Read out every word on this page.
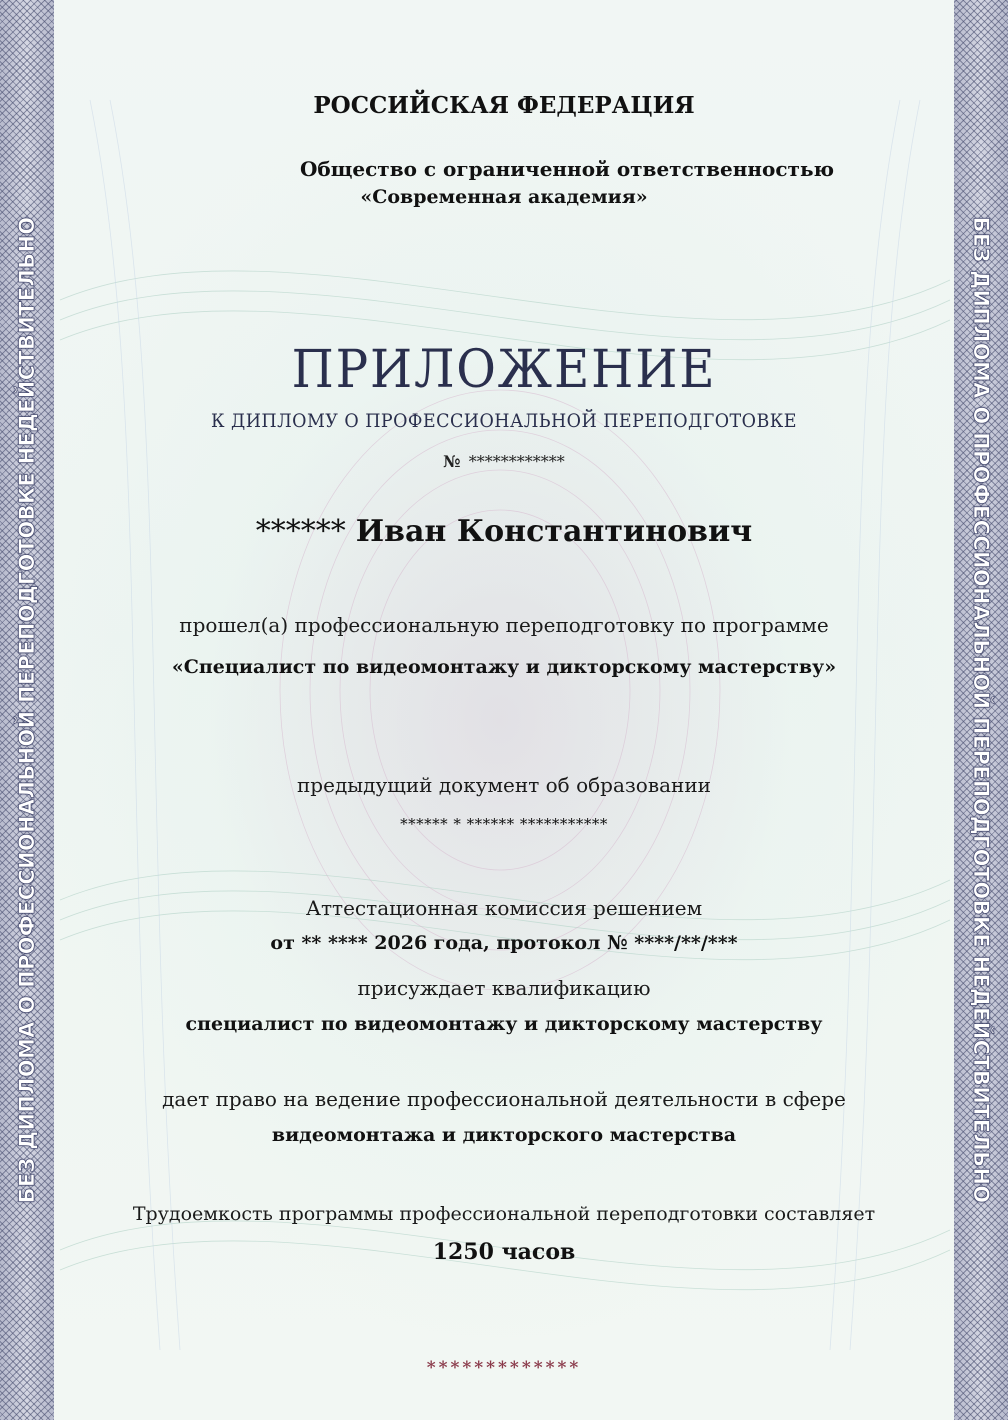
БЕЗ ДИПЛОМА О ПРОФЕССИОНАЛЬНОЙ ПЕРЕПОДГОТОВКЕ НЕДЕЙСТВИТЕЛЬНО	БЕЗ ДИПЛОМА О ПРОФЕССИОНАЛЬНОЙ ПЕРЕПОДГОТОВКЕ НЕДЕЙСТВИТЕЛЬНО
РОССИЙСКАЯ ФЕДЕРАЦИЯ
Общество с ограниченной ответственностью
«Современная академия»
ПРИЛОЖЕНИЕ
К ДИПЛОМУ О ПРОФЕССИОНАЛЬНОЙ ПЕРЕПОДГОТОВКЕ
№ ************
****** Иван Константинович
прошел(а) профессиональную переподготовку по программе
«Специалист по видеомонтажу и дикторскому мастерству»
предыдущий документ об образовании
****** * ****** ***********
Аттестационная комиссия решением
от ** **** 2026 года, протокол № ****/**/***
присуждает квалификацию
специалист по видеомонтажу и дикторскому мастерству
дает право на ведение профессиональной деятельности в сфере
видеомонтажа и дикторского мастерства
Трудоемкость программы профессиональной переподготовки составляет
1250 часов
*************
